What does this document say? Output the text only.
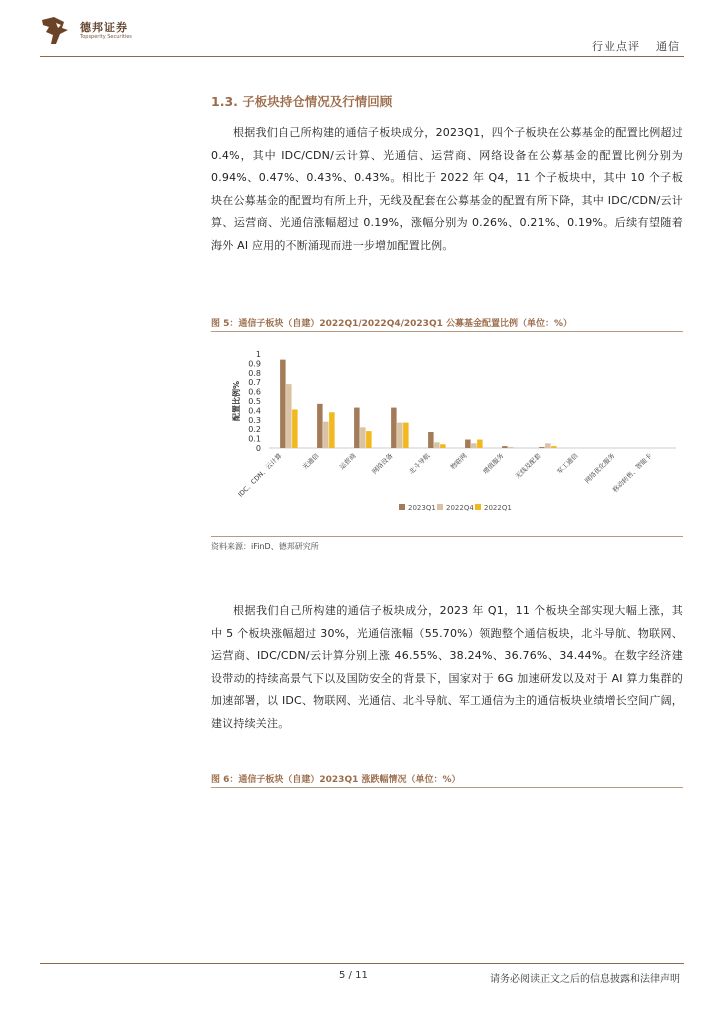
德邦证券
Topsperity Securities
行业点评 通信
1.3. 子板块持仓情况及行情回顾

根据我们自己所构建的通信子板块成分，2023Q1，四个子板块在公募基金的配置比例超过 0.4%，其中 IDC/CDN/云计算、光通信、运营商、网络设备在公募基金的配置比例分别为 0.94%、0.47%、0.43%、0.43%。相比于 2022 年 Q4，11 个子板块中，其中 10 个子板块在公募基金的配置均有所上升，无线及配套在公募基金的配置有所下降，其中 IDC/CDN/云计算、运营商、光通信涨幅超过 0.19%，涨幅分别为 0.26%、0.21%、0.19%。后续有望随着海外 AI 应用的不断涌现而进一步增加配置比例。

图 5：通信子板块（自建）2022Q1/2022Q4/2023Q1 公募基金配置比例（单位：%）
0
0.1
0.2
0.3
0.4
0.5
0.6
0.7
0.8
0.9
1
配置比例%
IDC、CDN、云计算	光通信	运营商 网络设备 北斗导航	物联网 增值服务 无线及配套 军工通信 网络优化服务
移动转售、智能卡
2023Q1 2022Q4 2022Q1
资料来源：iFinD、德邦研究所

根据我们自己所构建的通信子板块成分，2023 年 Q1，11 个板块全部实现大幅上涨，其中 5 个板块涨幅超过 30%，光通信涨幅（55.70%）领跑整个通信板块，北斗导航、物联网、运营商、IDC/CDN/云计算分别上涨 46.55%、38.24%、36.76%、34.44%。在数字经济建设带动的持续高景气下以及国防安全的背景下，国家对于 6G 加速研发以及对于 AI 算力集群的加速部署，以 IDC、物联网、光通信、北斗导航、军工通信为主的通信板块业绩增长空间广阔，建议持续关注。

图 6：通信子板块（自建）2023Q1 涨跌幅情况（单位：%）
5 / 11	请务必阅读正文之后的信息披露和法律声明
